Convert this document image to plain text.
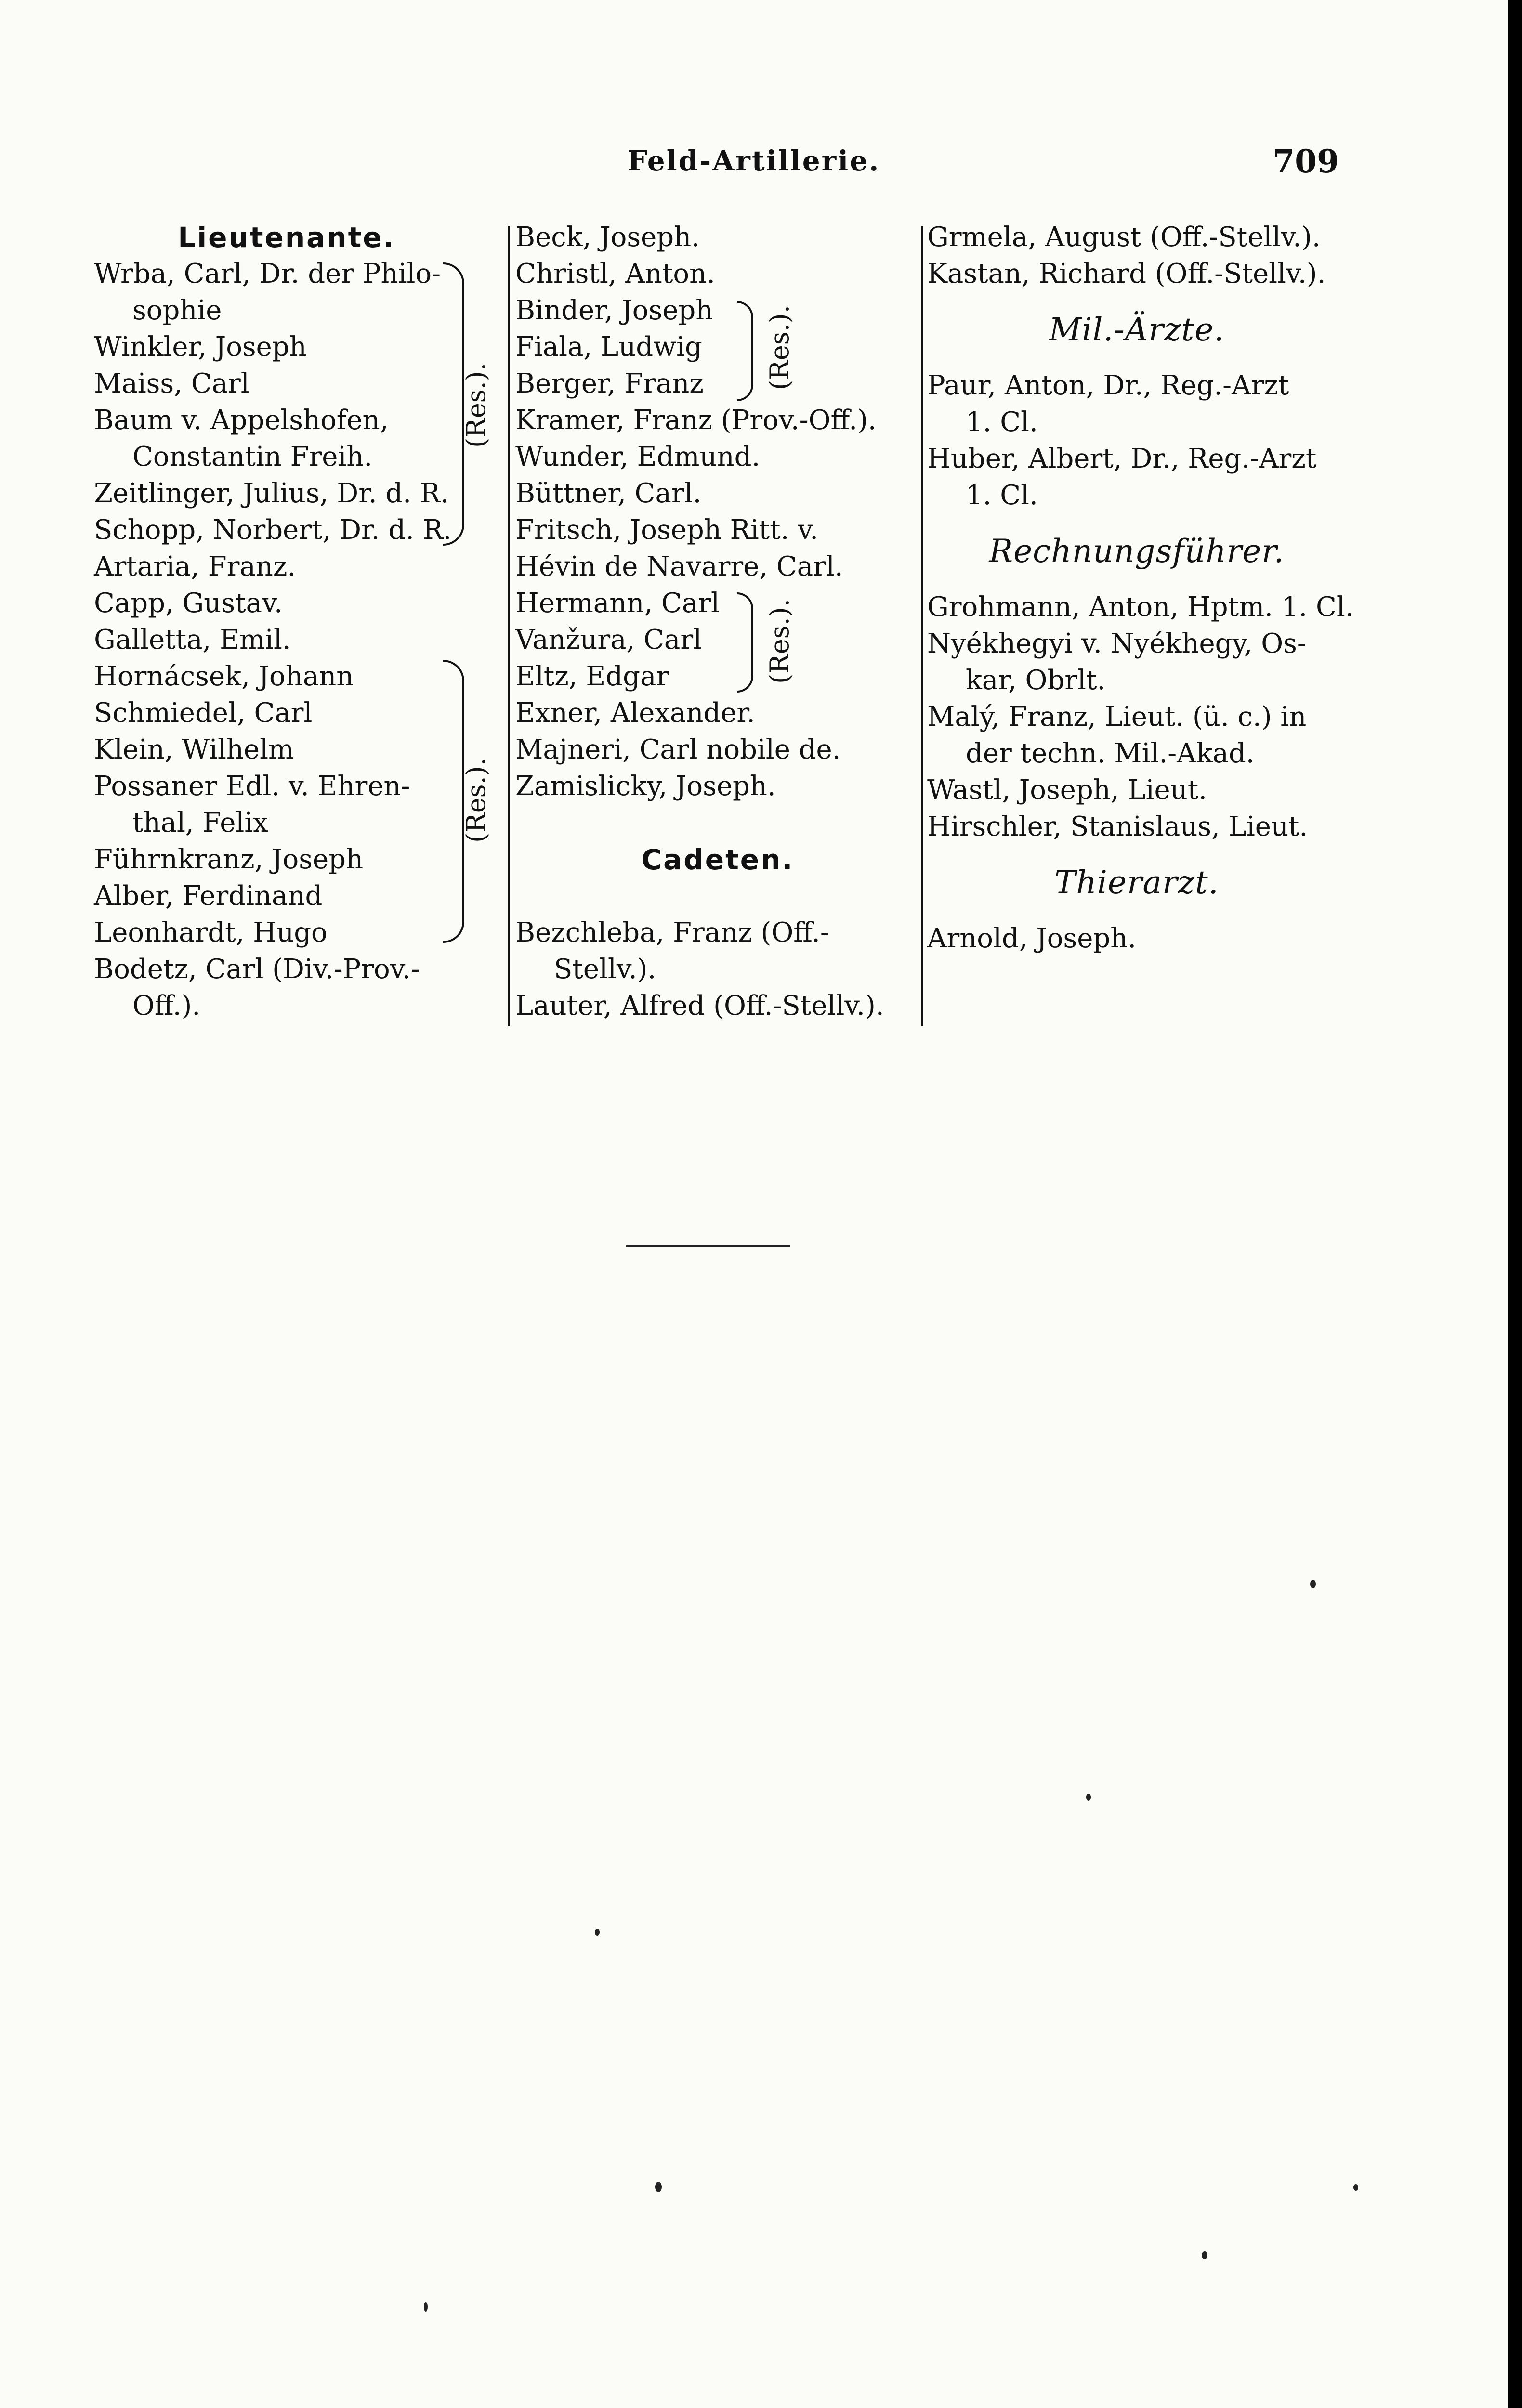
Feld-Artillerie.	709
Lieutenante.
Wrba, Carl, Dr. der Philo-
sophie
Winkler, Joseph
Maiss, Carl
Baum v. Appelshofen,
Constantin Freih.
Zeitlinger, Julius, Dr. d. R.
Schopp, Norbert, Dr. d. R.
Artaria, Franz.
Capp, Gustav.
Galletta, Emil.
Hornácsek, Johann
Schmiedel, Carl
Klein, Wilhelm
Possaner Edl. v. Ehren-
thal, Felix
Führnkranz, Joseph
Alber, Ferdinand
Leonhardt, Hugo
Bodetz, Carl (Div.-Prov.-
Off.).
(Res.).
(Res.).
Beck, Joseph.
Christl, Anton.
Binder, Joseph
Fiala, Ludwig
Berger, Franz
Kramer, Franz (Prov.-Off.).
Wunder, Edmund.
Büttner, Carl.
Fritsch, Joseph Ritt. v.
Hévin de Navarre, Carl.
Hermann, Carl
Vanžura, Carl
Eltz, Edgar
Exner, Alexander.
Majneri, Carl nobile de.
Zamislicky, Joseph.
Cadeten.
Bezchleba, Franz (Off.-
Stellv.).
Lauter, Alfred (Off.-Stellv.).
(Res.).
(Res.).
Grmela, August (Off.-Stellv.).
Kastan, Richard (Off.-Stellv.).
Mil.-Ärzte.
Paur, Anton, Dr., Reg.-Arzt
1. Cl.
Huber, Albert, Dr., Reg.-Arzt
1. Cl.
Rechnungsführer.
Grohmann, Anton, Hptm. 1. Cl.
Nyékhegyi v. Nyékhegy, Os-
kar, Obrlt.
Malý, Franz, Lieut. (ü. c.) in
der techn. Mil.-Akad.
Wastl, Joseph, Lieut.
Hirschler, Stanislaus, Lieut.
Thierarzt.
Arnold, Joseph.
